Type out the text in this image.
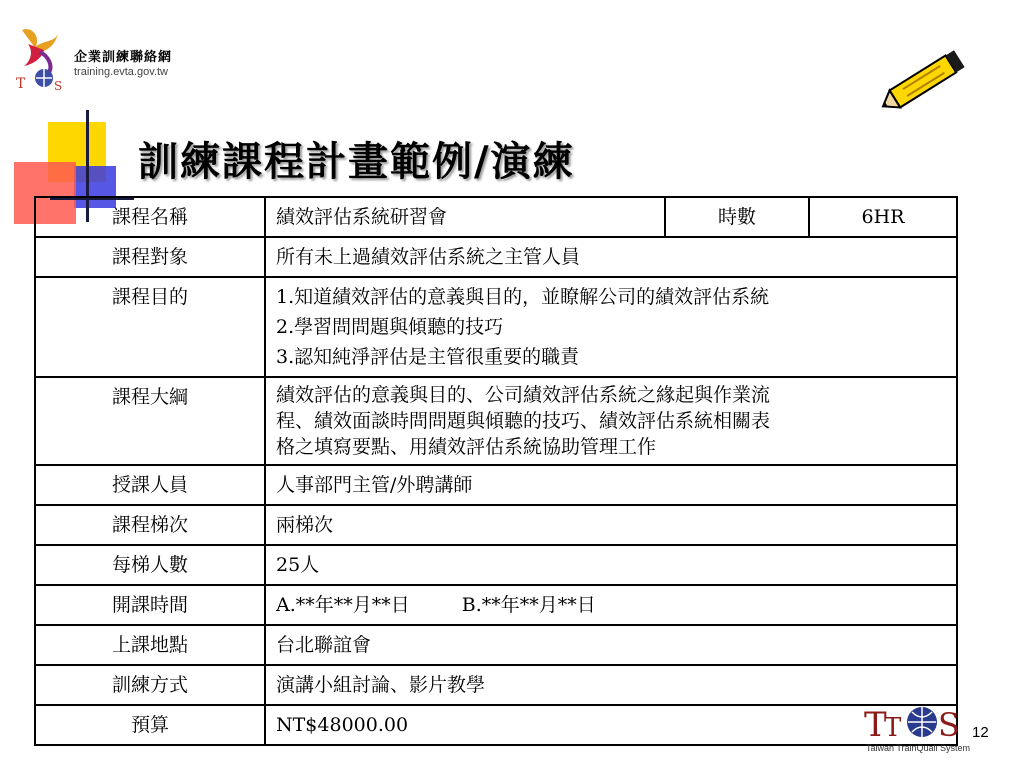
T S
企業訓練聯絡網
training.evta.gov.tw
訓練課程計畫範例/演練
課程名稱	績效評估系統研習會	時數	6HR
課程對象	所有未上過績效評估系統之主管人員		
課程目的	1.知道績效評估的意義與目的，並瞭解公司的績效評估系統
2.學習問問題與傾聽的技巧
3.認知純淨評估是主管很重要的職責		

課程大綱	績效評估的意義與目的、公司績效評估系統之緣起與作業流
程、績效面談時問問題與傾聽的技巧、績效評估系統相關表
格之填寫要點、用績效評估系統協助管理工作		

授課人員	人事部門主管/外聘講師		
課程梯次	兩梯次		
每梯人數	25人		
開課時間	A.**年**月**日 B.**年**月**日		
上課地點	台北聯誼會		
訓練方式	演講小組討論、影片教學		
預算	NT$48000.00			T
T S
Taiwan TrainQuali System
12
